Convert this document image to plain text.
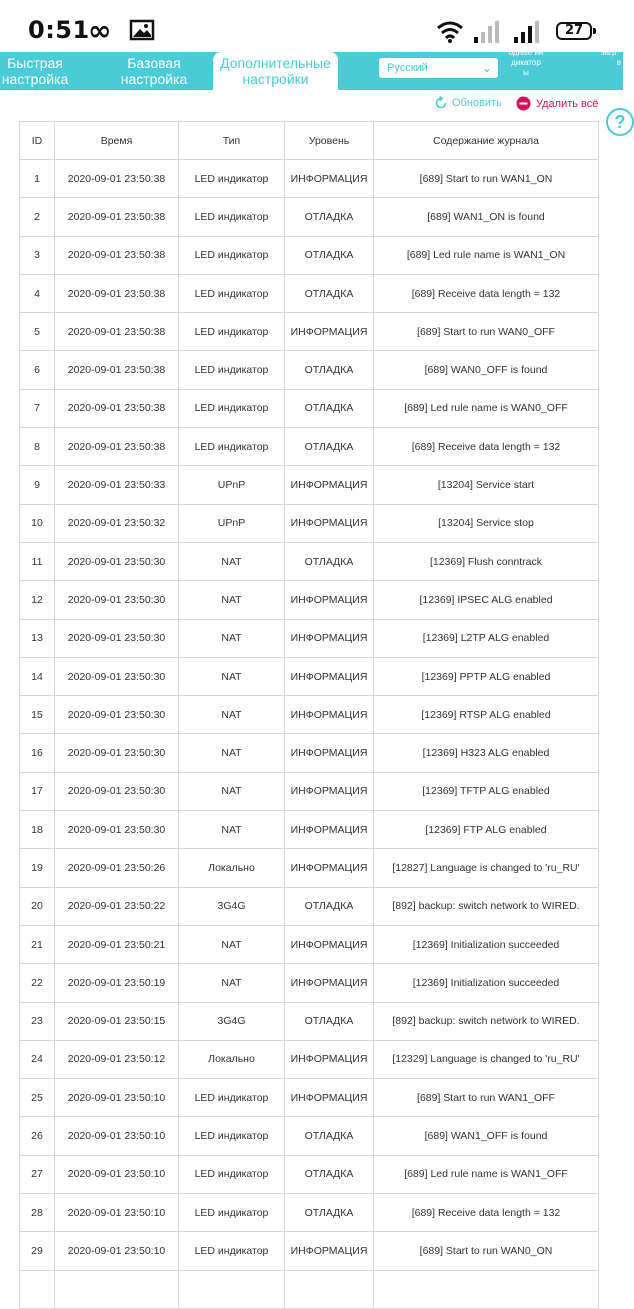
0:51
∞	27
Быстрая
настройка
Базовая
настройка
Дополнительные
настройки
Русский	⌄
одные ин
дикатор
ы
загр
в
Обновить	Удалить всё
?
ID	Время	Тип	Уровень	Содержание журнала
1	2020-09-01 23:50:38	LED индикатор	ИНФОРМАЦИЯ	[689] Start to run WAN1_ON
2	2020-09-01 23:50:38	LED индикатор	ОТЛАДКА	[689] WAN1_ON is found
3	2020-09-01 23:50:38	LED индикатор	ОТЛАДКА	[689] Led rule name is WAN1_ON
4	2020-09-01 23:50:38	LED индикатор	ОТЛАДКА	[689] Receive data length = 132
5	2020-09-01 23:50:38	LED индикатор	ИНФОРМАЦИЯ	[689] Start to run WAN0_OFF
6	2020-09-01 23:50:38	LED индикатор	ОТЛАДКА	[689] WAN0_OFF is found
7	2020-09-01 23:50:38	LED индикатор	ОТЛАДКА	[689] Led rule name is WAN0_OFF
8	2020-09-01 23:50:38	LED индикатор	ОТЛАДКА	[689] Receive data length = 132
9	2020-09-01 23:50:33	UPnP	ИНФОРМАЦИЯ	[13204] Service start
10	2020-09-01 23:50:32	UPnP	ИНФОРМАЦИЯ	[13204] Service stop
11	2020-09-01 23:50:30	NAT	ОТЛАДКА	[12369] Flush conntrack
12	2020-09-01 23:50:30	NAT	ИНФОРМАЦИЯ	[12369] IPSEC ALG enabled
13	2020-09-01 23:50:30	NAT	ИНФОРМАЦИЯ	[12369] L2TP ALG enabled
14	2020-09-01 23:50:30	NAT	ИНФОРМАЦИЯ	[12369] PPTP ALG enabled
15	2020-09-01 23:50:30	NAT	ИНФОРМАЦИЯ	[12369] RTSP ALG enabled
16	2020-09-01 23:50:30	NAT	ИНФОРМАЦИЯ	[12369] H323 ALG enabled
17	2020-09-01 23:50:30	NAT	ИНФОРМАЦИЯ	[12369] TFTP ALG enabled
18	2020-09-01 23:50:30	NAT	ИНФОРМАЦИЯ	[12369] FTP ALG enabled
19	2020-09-01 23:50:26	Локально	ИНФОРМАЦИЯ	[12827] Language is changed to 'ru_RU'
20	2020-09-01 23:50:22	3G4G	ОТЛАДКА	[892] backup: switch network to WIRED.
21	2020-09-01 23:50:21	NAT	ИНФОРМАЦИЯ	[12369] Initialization succeeded
22	2020-09-01 23:50:19	NAT	ИНФОРМАЦИЯ	[12369] Initialization succeeded
23	2020-09-01 23:50:15	3G4G	ОТЛАДКА	[892] backup: switch network to WIRED.
24	2020-09-01 23:50:12	Локально	ИНФОРМАЦИЯ	[12329] Language is changed to 'ru_RU'
25	2020-09-01 23:50:10	LED индикатор	ИНФОРМАЦИЯ	[689] Start to run WAN1_OFF
26	2020-09-01 23:50:10	LED индикатор	ОТЛАДКА	[689] WAN1_OFF is found
27	2020-09-01 23:50:10	LED индикатор	ОТЛАДКА	[689] Led rule name is WAN1_OFF
28	2020-09-01 23:50:10	LED индикатор	ОТЛАДКА	[689] Receive data length = 132
29	2020-09-01 23:50:10	LED индикатор	ИНФОРМАЦИЯ	[689] Start to run WAN0_ON
